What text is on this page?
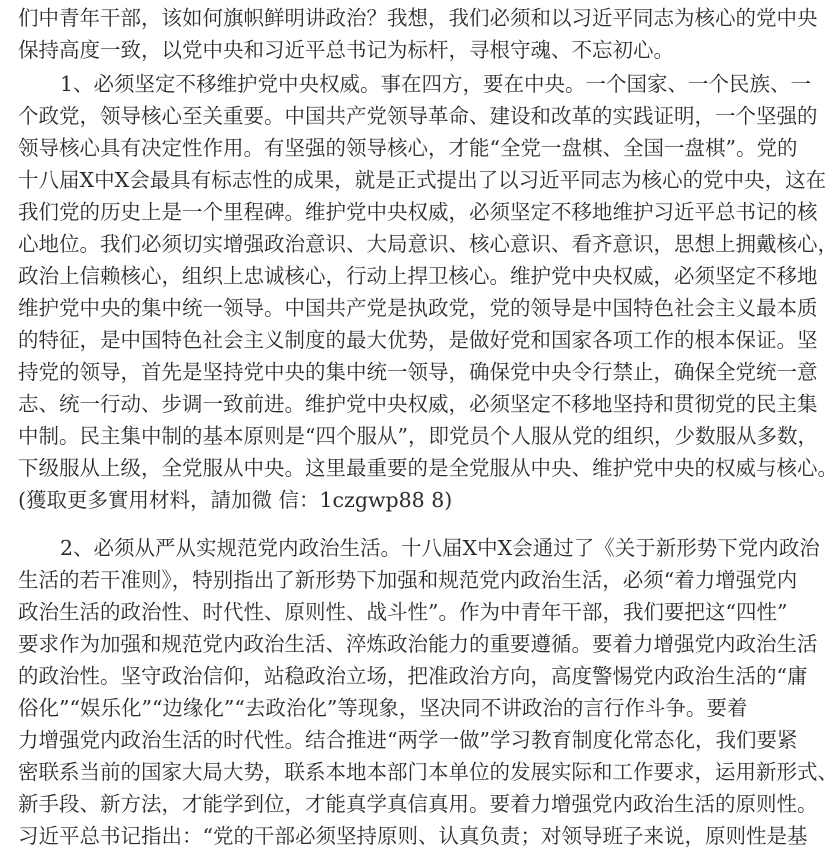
们中青年干部，该如何旗帜鲜明讲政治？我想，我们必须和以习近平同志为核心的党中央
保持高度一致，以党中央和习近平总书记为标杆，寻根守魂、不忘初心。
1、必须坚定不移维护党中央权威。事在四方，要在中央。一个国家、一个民族、一
个政党，领导核心至关重要。中国共产党领导革命、建设和改革的实践证明，一个坚强的
领导核心具有决定性作用。有坚强的领导核心，才能“全党一盘棋、全国一盘棋”。党的
十八届X中X会最具有标志性的成果，就是正式提出了以习近平同志为核心的党中央，这在
我们党的历史上是一个里程碑。维护党中央权威，必须坚定不移地维护习近平总书记的核
心地位。我们必须切实增强政治意识、大局意识、核心意识、看齐意识，思想上拥戴核心，
政治上信赖核心，组织上忠诚核心，行动上捍卫核心。维护党中央权威，必须坚定不移地
维护党中央的集中统一领导。中国共产党是执政党，党的领导是中国特色社会主义最本质
的特征，是中国特色社会主义制度的最大优势，是做好党和国家各项工作的根本保证。坚
持党的领导，首先是坚持党中央的集中统一领导，确保党中央令行禁止，确保全党统一意
志、统一行动、步调一致前进。维护党中央权威，必须坚定不移地坚持和贯彻党的民主集
中制。民主集中制的基本原则是“四个服从”，即党员个人服从党的组织，少数服从多数，
下级服从上级，全党服从中央。这里最重要的是全党服从中央、维护党中央的权威与核心。
(獲取更多實用材料，請加微 信：1czgwp88 8)
2、必须从严从实规范党内政治生活。十八届X中X会通过了《关于新形势下党内政治
生活的若干准则》，特别指出了新形势下加强和规范党内政治生活，必须“着力增强党内
政治生活的政治性、时代性、原则性、战斗性”。作为中青年干部，我们要把这“四性”
要求作为加强和规范党内政治生活、淬炼政治能力的重要遵循。要着力增强党内政治生活
的政治性。坚守政治信仰，站稳政治立场，把准政治方向，高度警惕党内政治生活的“庸
俗化”“娱乐化”“边缘化”“去政治化”等现象，坚决同不讲政治的言行作斗争。要着
力增强党内政治生活的时代性。结合推进“两学一做”学习教育制度化常态化，我们要紧
密联系当前的国家大局大势，联系本地本部门本单位的发展实际和工作要求，运用新形式、
新手段、新方法，才能学到位，才能真学真信真用。要着力增强党内政治生活的原则性。
习近平总书记指出：“党的干部必须坚持原则、认真负责；对领导班子来说，原则性是基
